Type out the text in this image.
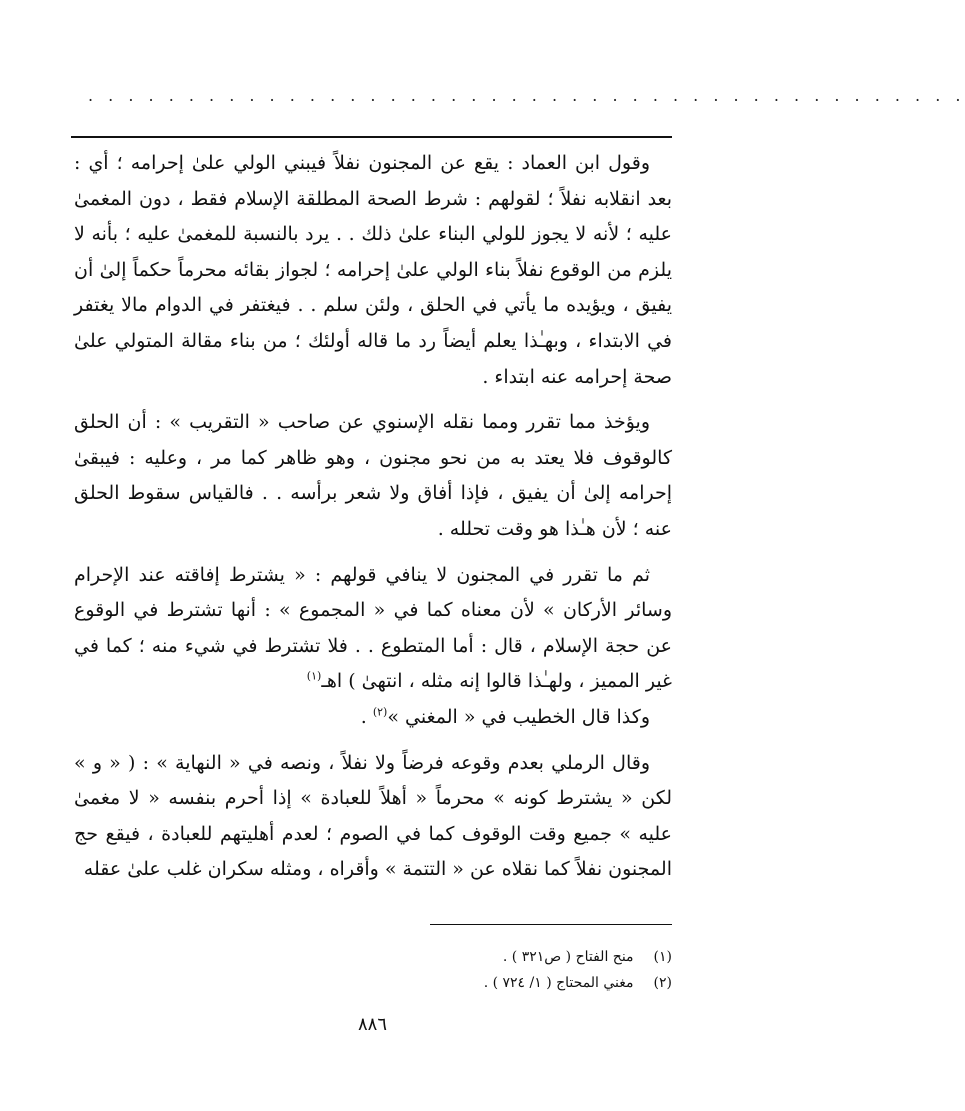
. . . . . . . . . . . . . . . . . . . . . . . . . . . . . . . . . . . . . . . . . . . .

وقول ابن العماد : يقع عن المجنون نفلاً فيبني الولي علىٰ إحرامه ؛ أي : بعد انقلابه نفلاً ؛ لقولهم : شرط الصحة المطلقة الإسلام فقط ، دون المغمىٰ عليه ؛ لأنه لا يجوز للولي البناء علىٰ ذلك . . يرد بالنسبة للمغمىٰ عليه ؛ بأنه لا يلزم من الوقوع نفلاً بناء الولي علىٰ إحرامه ؛ لجواز بقائه محرماً حكماً إلىٰ أن يفيق ، ويؤيده ما يأتي في الحلق ، ولئن سلم . . فيغتفر في الدوام مالا يغتفر في الابتداء ، وبهـٰذا يعلم أيضاً رد ما قاله أولئك ؛ من بناء مقالة المتولي علىٰ صحة إحرامه عنه ابتداء .

ويؤخذ مما تقرر ومما نقله الإسنوي عن صاحب « التقريب » : أن الحلق كالوقوف فلا يعتد به من نحو مجنون ، وهو ظاهر كما مر ، وعليه : فيبقىٰ إحرامه إلىٰ أن يفيق ، فإذا أفاق ولا شعر برأسه . . فالقياس سقوط الحلق عنه ؛ لأن هـٰذا هو وقت تحلله .

ثم ما تقرر في المجنون لا ينافي قولهم : « يشترط إفاقته عند الإحرام وسائر الأركان » لأن معناه كما في « المجموع » : أنها تشترط في الوقوع عن حجة الإسلام ، قال : أما المتطوع . . فلا تشترط في شيء منه ؛ كما في غير المميز ، ولهـٰذا قالوا إنه مثله ، انتهىٰ ) اهـ$^{(١)}$

وكذا قال الخطيب في « المغني »$^{(٢)}$ .

وقال الرملي بعدم وقوعه فرضاً ولا نفلاً ، ونصه في « النهاية » : ( « و » لكن « يشترط كونه » محرماً « أهلاً للعبادة » إذا أحرم بنفسه « لا مغمىٰ عليه » جميع وقت الوقوف كما في الصوم ؛ لعدم أهليتهم للعبادة ، فيقع حج المجنون نفلاً كما نقلاه عن « التتمة » وأقراه ، ومثله سكران غلب علىٰ عقله

(١) منح الفتاح ( ص٣٢١ ) .
(٢) مغني المحتاج ( ١/ ٧٢٤ ) .
٨٨٦
